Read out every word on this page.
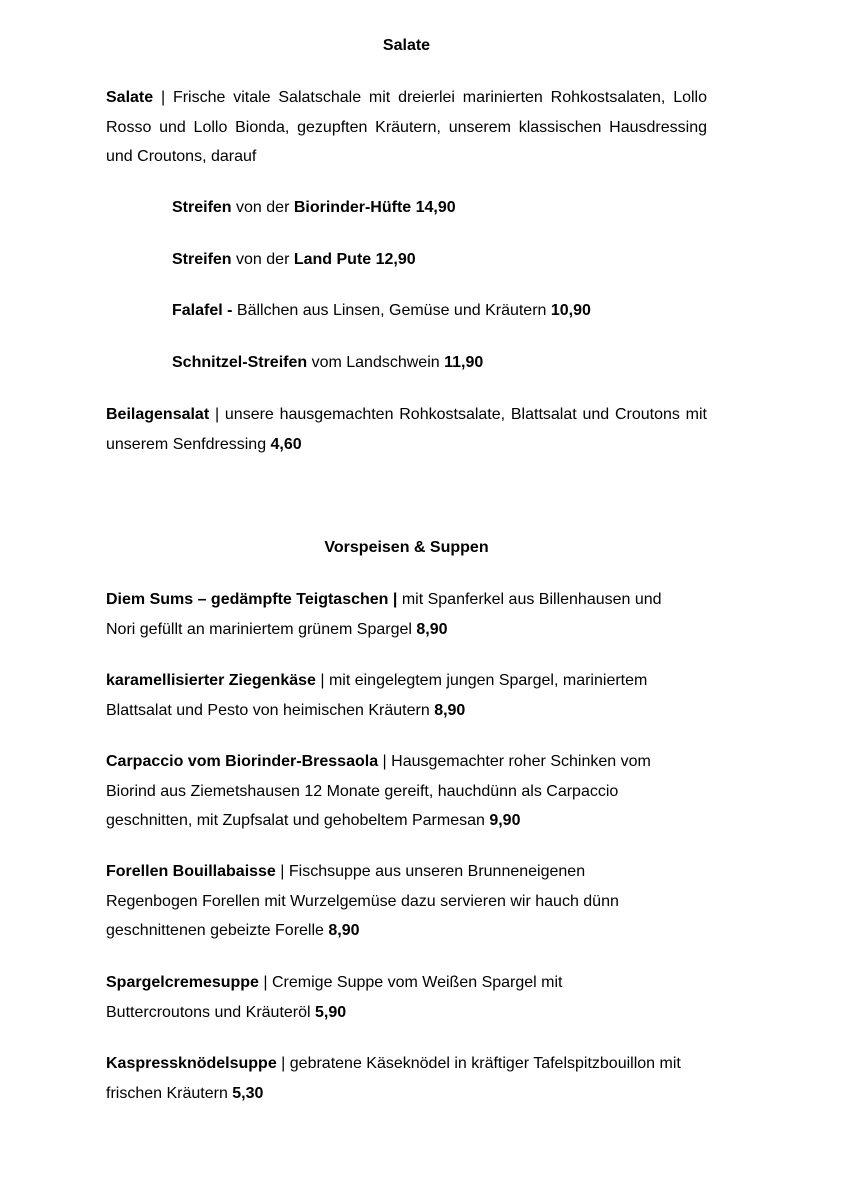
Salate
Salate | Frische vitale Salatschale mit dreierlei marinierten Rohkostsalaten, Lollo Rosso und Lollo Bionda, gezupften Kräutern, unserem klassischen Hausdressing und Croutons, darauf
Streifen von der Biorinder-Hüfte 14,90
Streifen von der Land Pute 12,90
Falafel - Bällchen aus Linsen, Gemüse und Kräutern 10,90
Schnitzel-Streifen vom Landschwein 11,90
Beilagensalat | unsere hausgemachten Rohkostsalate, Blattsalat und Croutons mit unserem Senfdressing 4,60
Vorspeisen & Suppen
Diem Sums – gedämpfte Teigtaschen | mit Spanferkel aus Billenhausen und Nori gefüllt an mariniertem grünem Spargel 8,90
karamellisierter Ziegenkäse | mit eingelegtem jungen Spargel, mariniertem Blattsalat und Pesto von heimischen Kräutern 8,90
Carpaccio vom Biorinder-Bressaola | Hausgemachter roher Schinken vom Biorind aus Ziemetshausen 12 Monate gereift, hauchdünn als Carpaccio geschnitten, mit Zupfsalat und gehobeltem Parmesan 9,90
Forellen Bouillabaisse | Fischsuppe aus unseren Brunneneigenen Regenbogen Forellen mit Wurzelgemüse dazu servieren wir hauch dünn geschnittenen gebeizte Forelle 8,90
Spargelcremesuppe | Cremige Suppe vom Weißen Spargel mit Buttercroutons und Kräuteröl 5,90
Kaspressknödelsuppe | gebratene Käseknödel in kräftiger Tafelspitzbouillon mit frischen Kräutern 5,30
